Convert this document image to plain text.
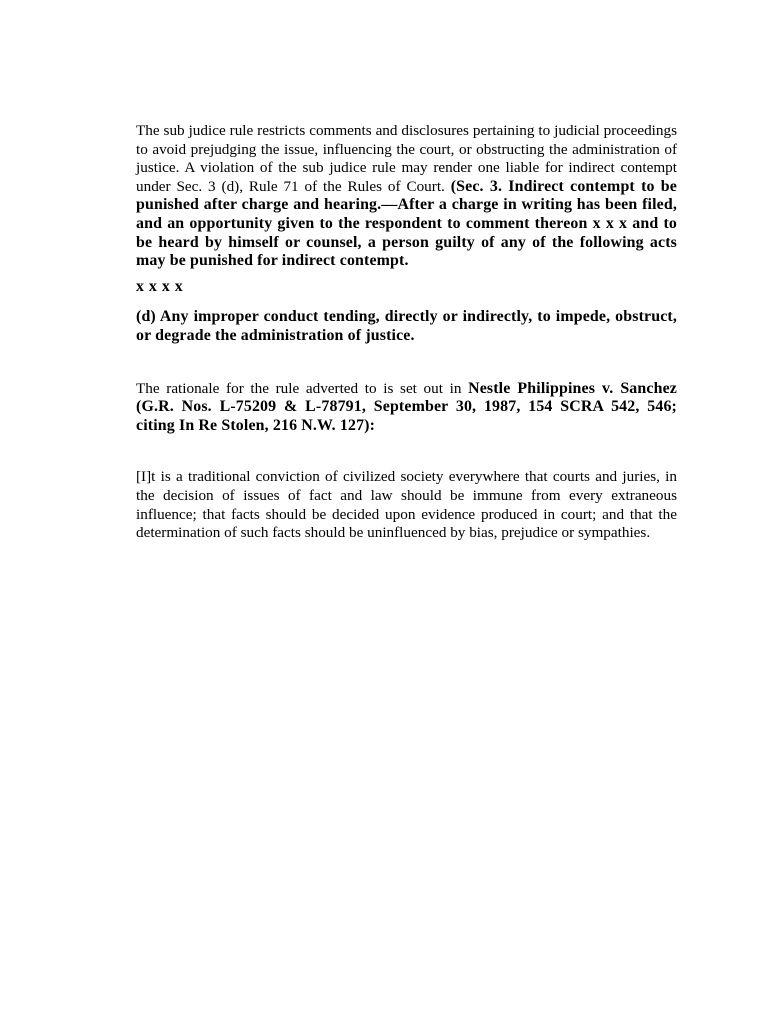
The sub judice rule restricts comments and disclosures pertaining to judicial proceedings to avoid prejudging the issue, influencing the court, or obstructing the administration of justice. A violation of the sub judice rule may render one liable for indirect contempt under Sec. 3 (d), Rule 71 of the Rules of Court. (Sec. 3. Indirect contempt to be punished after charge and hearing.––After a charge in writing has been filed, and an opportunity given to the respondent to comment thereon x x x and to be heard by himself or counsel, a person guilty of any of the following acts may be punished for indirect contempt.

x x x x

(d) Any improper conduct tending, directly or indirectly, to impede, obstruct, or degrade the administration of justice.

The rationale for the rule adverted to is set out in Nestle Philippines v. Sanchez (G.R. Nos. L-75209 & L-78791, September 30, 1987, 154 SCRA 542, 546; citing In Re Stolen, 216 N.W. 127):

[I]t is a traditional conviction of civilized society everywhere that courts and juries, in the decision of issues of fact and law should be immune from every extraneous influence; that facts should be decided upon evidence produced in court; and that the determination of such facts should be uninfluenced by bias, prejudice or sympathies.
